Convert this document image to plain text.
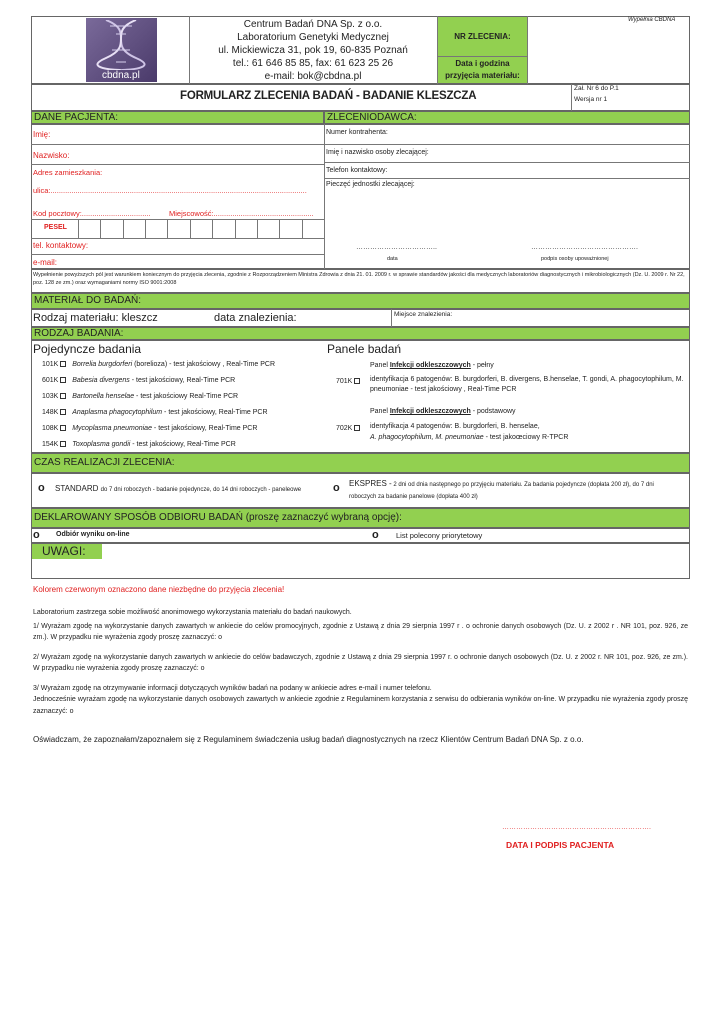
cbdna.pl
Centrum Badań DNA Sp. z o.o.
Laboratorium Genetyki Medycznej
ul. Mickiewicza 31, pok 19, 60-835 Poznań
tel.: 61 646 85 85, fax: 61 623 25 26
e-mail: bok@cbdna.pl
NR ZLECENIA:
Data i godzina przyjęcia materiału:
Wypełnia CBDNA
FORMULARZ ZLECENIA BADAŃ - BADANIE KLESZCZA
Zał. Nr 6 do P.1
Wersja nr 1
DANE PACJENTA:	ZLECENIODAWCA:
Imię:
Nazwisko:
Adres zamieszkania:
ulica:...........................................................................................................................
Kod pocztowy:................................. Miejscowość:................................................
PESEL
tel. kontaktowy:
e-mail:
Numer kontrahenta:
Imię i nazwisko osoby zlecającej:
Telefon kontaktowy:
Pieczęć jednostki zlecającej:
……………………………..	……………………………………….
data	podpis osoby upoważnionej
Wypełnienie powyższych pól jest warunkiem koniecznym do przyjęcia zlecenia, zgodnie z Rozporządzeniem Ministra Zdrowia z dnia 21. 01. 2009 r. w sprawie standardów jakości dla medycznych laboratoriów diagnostycznych i mikrobiologicznych (Dz. U. 2009 r. Nr 22, poz. 128 ze zm.) oraz wymaganiami normy ISO 9001:2008
MATERIAŁ DO BADAŃ:
Rodzaj materiału: kleszcz	data znalezienia:	Miejsce znalezienia:
RODZAJ BADANIA:
Pojedyncze badania	Panele badań
101K Borrelia burgdorferi (borelioza) - test jakościowy , Real-Time PCR
601K Babesia divergens - test jakościowy, Real-Time PCR
103K Bartonella henselae - test jakościowy Real-Time PCR
148K Anaplasma phagocytophilum - test jakościowy, Real-Time PCR
108K Mycoplasma pneumoniae - test jakościowy, Real-Time PCR
154K Toxoplasma gondii - test jakościowy, Real-Time PCR
Panel Infekcji odkleszczowych - pełny
701K	identyfikacja 6 patogenów: B. burgdorferi, B. divergens, B.henselae, T. gondi, A. phagocytophilum, M.
pneumoniae - test jakościowy , Real-Time PCR
Panel Infekcji odkleszczowych - podstawowy
702K	identyfikacja 4 patogenów: B. burgdorferi, B. henselae,
A. phagocytophilum, M. pneumoniae - test jakoœciowy R-TPCR
CZAS REALIZACJI ZLECENIA:
o STANDARD do 7 dni roboczych - badanie pojedyncze, do 14 dni roboczych - paneleowe	o EKSPRES - 2 dni od dnia następnego po przyjęciu materiału. Za badania pojedyncze (dopłata 200 zł), do 7 dni
roboczych za badanie panelowe (dopłata 400 zł)
DEKLAROWANY SPOSÓB ODBIORU BADAŃ (proszę zaznaczyć wybraną opcję):
o Odbiór wyniku on-line	o List polecony priorytetowy
UWAGI:
Kolorem czerwonym oznaczono dane niezbędne do przyjęcia zlecenia!
Laboratorium zastrzega sobie możliwość anonimowego wykorzystania materiału do badań naukowych.
1/ Wyrażam zgodę na wykorzystanie danych zawartych w ankiecie do celów promocyjnych, zgodnie z Ustawą z dnia 29 sierpnia 1997 r . o ochronie danych osobowych (Dz. U. z 2002 r . NR 101, poz. 926, ze zm.). W przypadku nie wyrażenia zgody proszę zaznaczyć: o
2/ Wyrażam zgodę na wykorzystanie danych zawartych w ankiecie do celów badawczych, zgodnie z Ustawą z dnia 29 sierpnia 1997 r. o ochronie danych osobowych (Dz. U. z 2002 r. NR 101, poz. 926, ze zm.). W przypadku nie wyrażenia zgody proszę zaznaczyć: o
3/ Wyrażam zgodę na otrzymywanie informacji dotyczących wyników badań na podany w ankiecie adres e-mail i numer telefonu.
Jednocześnie wyrażam zgodę na wykorzystanie danych osobowych zawartych w ankiecie zgodnie z Regulaminem korzystania z serwisu do odbierania wyników on-line. W przypadku nie wyrażenia zgody proszę zaznaczyć: o
Oświadczam, że zapoznałam/zapoznałem się z Regulaminem świadczenia usług badań diagnostycznych na rzecz Klientów Centrum Badań DNA Sp. z o.o.
……………………………………………………….
DATA I PODPIS PACJENTA
